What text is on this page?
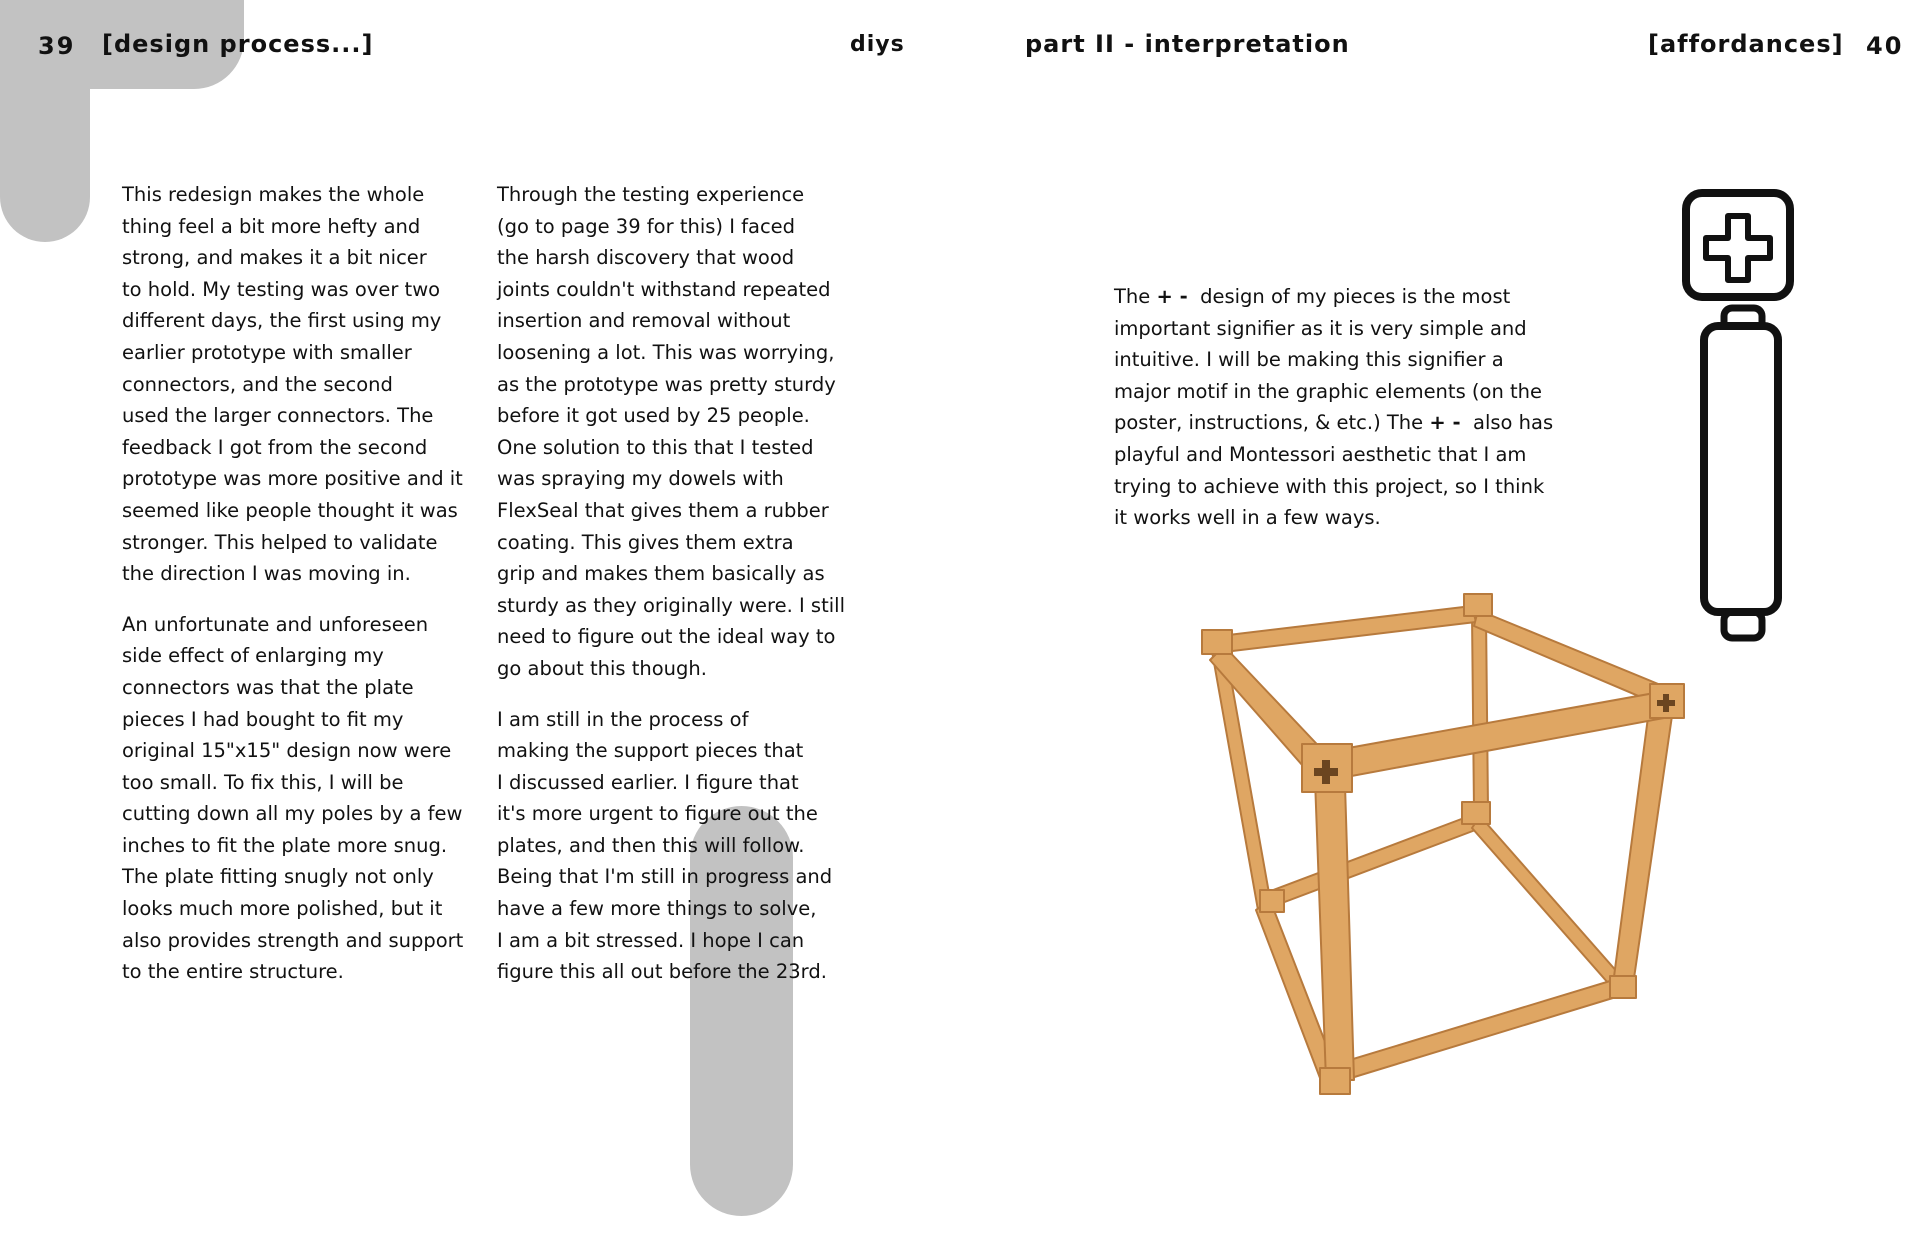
39 [design process...]	diys	part II - interpretation	[affordances] 40

This redesign makes the whole
thing feel a bit more hefty and
strong, and makes it a bit nicer
to hold. My testing was over two
different days, the first using my
earlier prototype with smaller
connectors, and the second
used the larger connectors. The
feedback I got from the second
prototype was more positive and it
seemed like people thought it was
stronger. This helped to validate
the direction I was moving in.

An unfortunate and unforeseen
side effect of enlarging my
connectors was that the plate
pieces I had bought to fit my
original 15"x15" design now were
too small. To fix this, I will be
cutting down all my poles by a few
inches to fit the plate more snug.
The plate fitting snugly not only
looks much more polished, but it
also provides strength and support
to the entire structure.

Through the testing experience
(go to page 39 for this) I faced
the harsh discovery that wood
joints couldn't withstand repeated
insertion and removal without
loosening a lot. This was worrying,
as the prototype was pretty sturdy
before it got used by 25 people.
One solution to this that I tested
was spraying my dowels with
FlexSeal that gives them a rubber
coating. This gives them extra
grip and makes them basically as
sturdy as they originally were. I still
need to figure out the ideal way to
go about this though.

I am still in the process of
making the support pieces that
I discussed earlier. I figure that
it's more urgent to figure out the
plates, and then this will follow.
Being that I'm still in progress and
have a few more things to solve,
I am a bit stressed. I hope I can
figure this all out before the 23rd.

The + -  design of my pieces is the most
important signifier as it is very simple and
intuitive. I will be making this signifier a
major motif in the graphic elements (on the
poster, instructions, & etc.) The + -  also has
playful and Montessori aesthetic that I am
trying to achieve with this project, so I think
it works well in a few ways.
